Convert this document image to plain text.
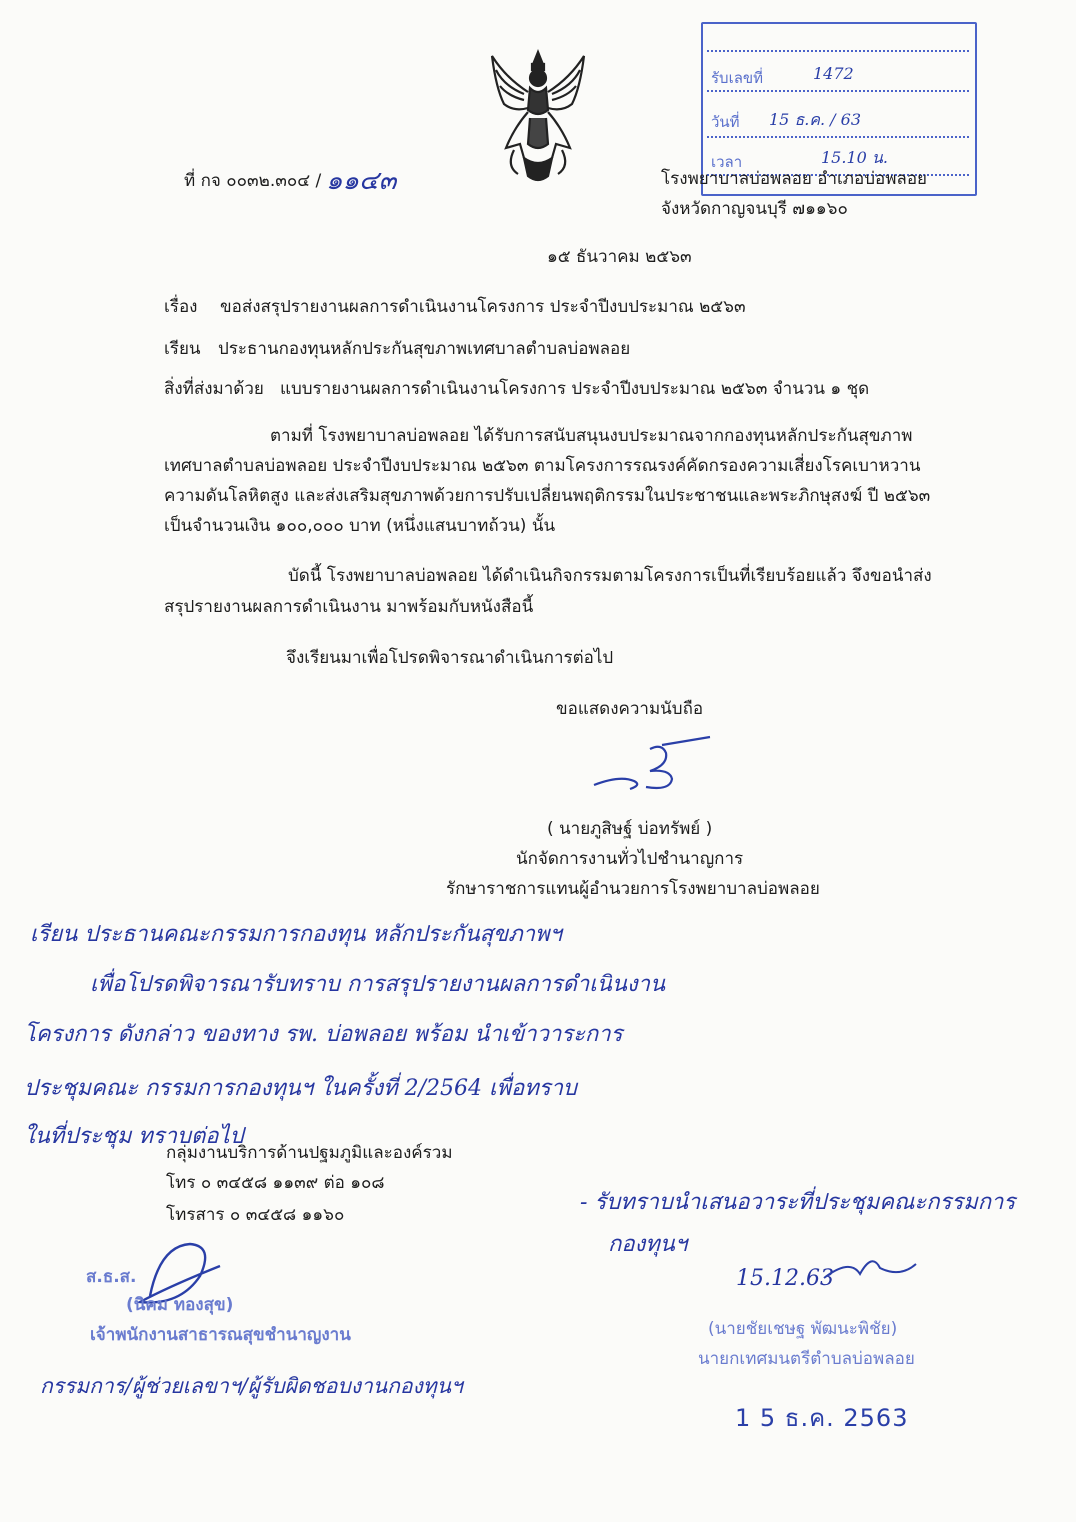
รับเลขที่	1472
วันที่ 15 ธ.ค. / 63
เวลา	15.10 น.
ที่ กจ ๐๐๓๒.๓๐๔ / ๑๑๔๓	โรงพยาบาลบ่อพลอย อำเภอบ่อพลอย
จังหวัดกาญจนบุรี ๗๑๑๖๐
๑๕ ธันวาคม ๒๕๖๓
เรื่อง ขอส่งสรุปรายงานผลการดำเนินงานโครงการ ประจำปีงบประมาณ ๒๕๖๓
เรียน ประธานกองทุนหลักประกันสุขภาพเทศบาลตำบลบ่อพลอย
สิ่งที่ส่งมาด้วย แบบรายงานผลการดำเนินงานโครงการ ประจำปีงบประมาณ ๒๕๖๓ จำนวน ๑ ชุด
ตามที่ โรงพยาบาลบ่อพลอย ได้รับการสนับสนุนงบประมาณจากกองทุนหลักประกันสุขภาพ
เทศบาลตำบลบ่อพลอย ประจำปีงบประมาณ ๒๕๖๓ ตามโครงการรณรงค์คัดกรองความเสี่ยงโรคเบาหวาน
ความดันโลหิตสูง และส่งเสริมสุขภาพด้วยการปรับเปลี่ยนพฤติกรรมในประชาชนและพระภิกษุสงฆ์ ปี ๒๕๖๓
เป็นจำนวนเงิน ๑๐๐,๐๐๐ บาท (หนึ่งแสนบาทถ้วน) นั้น
บัดนี้ โรงพยาบาลบ่อพลอย ได้ดำเนินกิจกรรมตามโครงการเป็นที่เรียบร้อยแล้ว จึงขอนำส่ง
สรุปรายงานผลการดำเนินงาน มาพร้อมกับหนังสือนี้
จึงเรียนมาเพื่อโปรดพิจารณาดำเนินการต่อไป
ขอแสดงความนับถือ
( นายภูสิษฐ์ บ่อทรัพย์ )
นักจัดการงานทั่วไปชำนาญการ
รักษาราชการแทนผู้อำนวยการโรงพยาบาลบ่อพลอย
เรียน ประธานคณะกรรมการกองทุน หลักประกันสุขภาพฯ
เพื่อโปรดพิจารณารับทราบ การสรุปรายงานผลการดำเนินงาน
โครงการ ดังกล่าว ของทาง รพ. บ่อพลอย พร้อม นำเข้าวาระการ
ประชุมคณะ กรรมการกองทุนฯ ในครั้งที่ 2/2564 เพื่อทราบ
ในที่ประชุม ทราบต่อไป
กลุ่มงานบริการด้านปฐมภูมิและองค์รวม
โทร ๐ ๓๔๕๘ ๑๑๓๙ ต่อ ๑๐๘
โทรสาร ๐ ๓๔๕๘ ๑๑๖๐	- รับทราบนำเสนอวาระที่ประชุมคณะกรรมการ
กองทุนฯ
ส.ธ.ส.
(นิคม ทองสุข)
เจ้าพนักงานสาธารณสุขชำนาญงาน
กรรมการ/ผู้ช่วยเลขาฯ/ผู้รับผิดชอบงานกองทุนฯ
15.12.63
(นายชัยเชษฐ พัฒนะพิชัย)
นายกเทศมนตรีตำบลบ่อพลอย
1 5 ธ.ค. 2563
